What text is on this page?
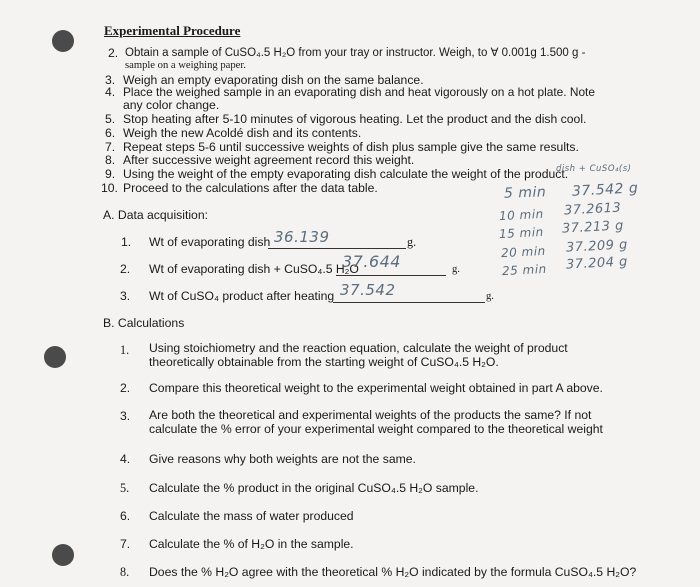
Experimental Procedure
2. Obtain a sample of CuSO₄.5 H₂O from your tray or instructor. Weigh, to ∀ 0.001g 1.500 g -
sample on a weighing paper.
3. Weigh an empty evaporating dish on the same balance.
4. Place the weighed sample in an evaporating dish and heat vigorously on a hot plate. Note
any color change.
5. Stop heating after 5-10 minutes of vigorous heating. Let the product and the dish cool.
6. Weigh the new Acoldé dish and its contents.
7. Repeat steps 5-6 until successive weights of dish plus sample give the same results.
8. After successive weight agreement record this weight.
9. Using the weight of the empty evaporating dish calculate the weight of the product.
10. Proceed to the calculations after the data table.
A. Data acquisition:
1. Wt of evaporating dish 36.139	g.
2. Wt of evaporating dish + CuSO₄.5 H₂O
37.644	g.
3. Wt of CuSO₄ product after heating 37.542	g.
dish + CuSO₄(s)
5 min 37.542 g
10 min 37.2613
15 min 37.213 g
20 min 37.209 g
25 min 37.204 g
B. Calculations
1. Using stoichiometry and the reaction equation, calculate the weight of product
theoretically obtainable from the starting weight of CuSO₄.5 H₂O.
2. Compare this theoretical weight to the experimental weight obtained in part A above.
3. Are both the theoretical and experimental weights of the products the same? If not
calculate the % error of your experimental weight compared to the theoretical weight
4. Give reasons why both weights are not the same.
5. Calculate the % product in the original CuSO₄.5 H₂O sample.
6. Calculate the mass of water produced
7. Calculate the % of H₂O in the sample.
8. Does the % H₂O agree with the theoretical % H₂O indicated by the formula CuSO₄.5 H₂O?
